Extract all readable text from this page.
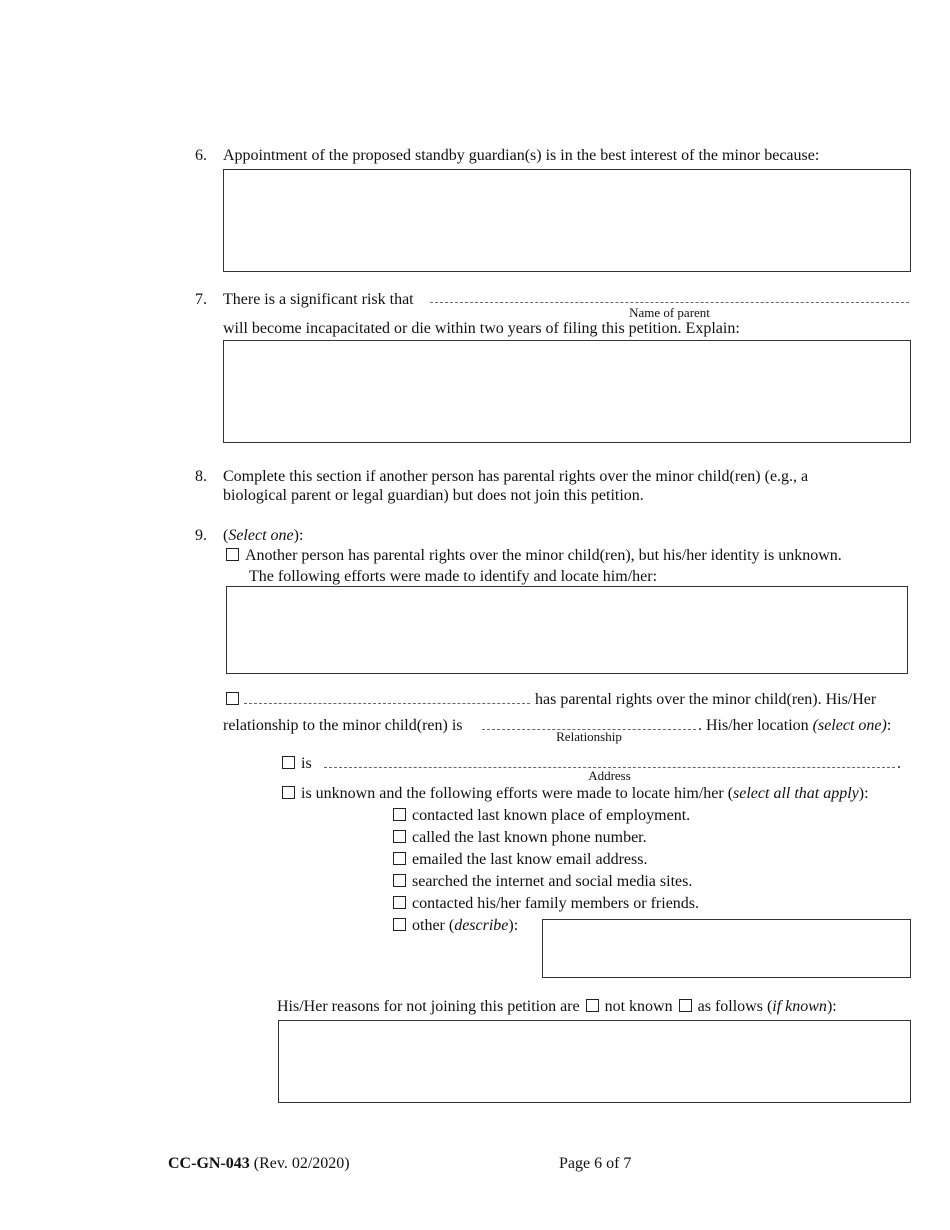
6. Appointment of the proposed standby guardian(s) is in the best interest of the minor because:
7. There is a significant risk that
Name of parent
will become incapacitated or die within two years of filing this petition. Explain:
8. Complete this section if another person has parental rights over the minor child(ren) (e.g., a
biological parent or legal guardian) but does not join this petition.
9. (Select one):
Another person has parental rights over the minor child(ren), but his/her identity is unknown.
The following efforts were made to identify and locate him/her:
has parental rights over the minor child(ren). His/Her
relationship to the minor child(ren) is
Relationship
. His/her location (select one):
is	.
Address
is unknown and the following efforts were made to locate him/her (select all that apply):
contacted last known place of employment.
called the last known phone number.
emailed the last know email address.
searched the internet and social media sites.
contacted his/her family members or friends.
other (describe):
His/Her reasons for not joining this petition are not known as follows (if known):
CC-GN-043 (Rev. 02/2020)	Page 6 of 7
